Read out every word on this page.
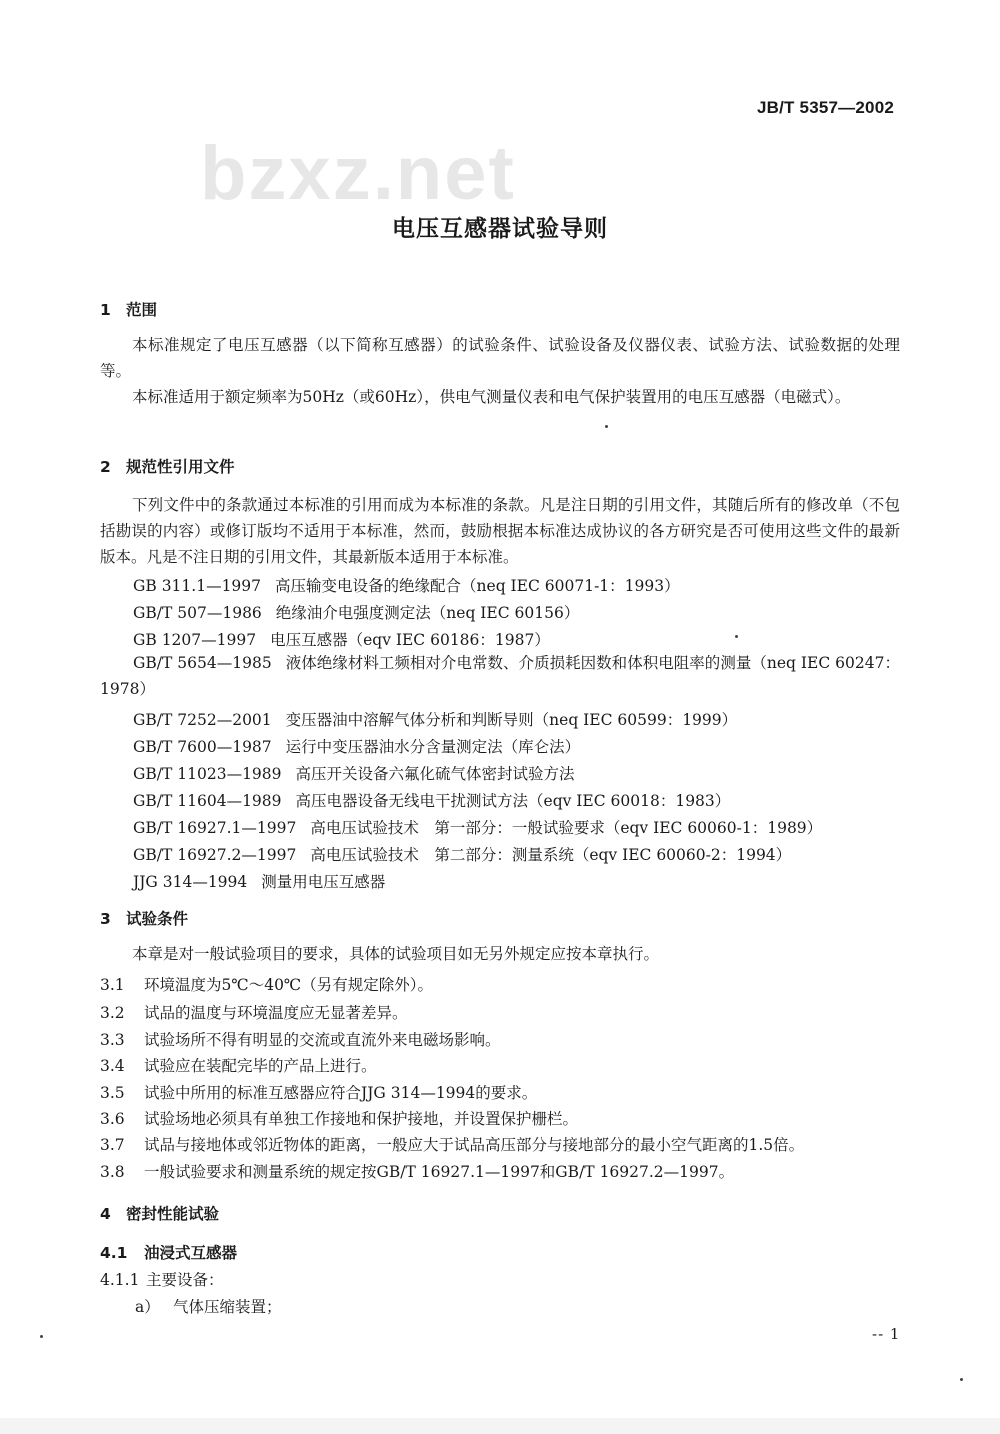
bzxz.net
JB/T 5357—2002
电压互感器试验导则
1 范围

本标准规定了电压互感器（以下简称互感器）的试验条件、试验设备及仪器仪表、试验方法、试验数据的处理等。

本标准适用于额定频率为50Hz（或60Hz），供电气测量仪表和电气保护装置用的电压互感器（电磁式）。

2 规范性引用文件

下列文件中的条款通过本标准的引用而成为本标准的条款。凡是注日期的引用文件，其随后所有的修改单（不包括勘误的内容）或修订版均不适用于本标准，然而，鼓励根据本标准达成协议的各方研究是否可使用这些文件的最新版本。凡是不注日期的引用文件，其最新版本适用于本标准。

GB 311.1—1997 高压输变电设备的绝缘配合（neq IEC 60071-1：1993）
GB/T 507—1986 绝缘油介电强度测定法（neq IEC 60156）
GB 1207—1997 电压互感器（eqv IEC 60186：1987）

GB/T 5654—1985 液体绝缘材料工频相对介电常数、介质损耗因数和体积电阻率的测量（neq IEC 60247：1978）

GB/T 7252—2001 变压器油中溶解气体分析和判断导则（neq IEC 60599：1999）
GB/T 7600—1987 运行中变压器油水分含量测定法（库仑法）
GB/T 11023—1989 高压开关设备六氟化硫气体密封试验方法
GB/T 11604—1989 高压电器设备无线电干扰测试方法（eqv IEC 60018：1983）
GB/T 16927.1—1997 高电压试验技术　第一部分：一般试验要求（eqv IEC 60060-1：1989）
GB/T 16927.2—1997 高电压试验技术　第二部分：测量系统（eqv IEC 60060-2：1994）
JJG 314—1994 测量用电压互感器
3 试验条件

本章是对一般试验项目的要求，具体的试验项目如无另外规定应按本章执行。

3.1 环境温度为5℃～40℃（另有规定除外）。
3.2 试品的温度与环境温度应无显著差异。
3.3 试验场所不得有明显的交流或直流外来电磁场影响。
3.4 试验应在装配完毕的产品上进行。
3.5 试验中所用的标准互感器应符合JJG 314—1994的要求。
3.6 试验场地必须具有单独工作接地和保护接地，并设置保护栅栏。
3.7 试品与接地体或邻近物体的距离，一般应大于试品高压部分与接地部分的最小空气距离的1.5倍。
3.8 一般试验要求和测量系统的规定按GB/T 16927.1—1997和GB/T 16927.2—1997。
4 密封性能试验
4.1 油浸式互感器
4.1.1 主要设备：
a） 气体压缩装置；
-- 1
